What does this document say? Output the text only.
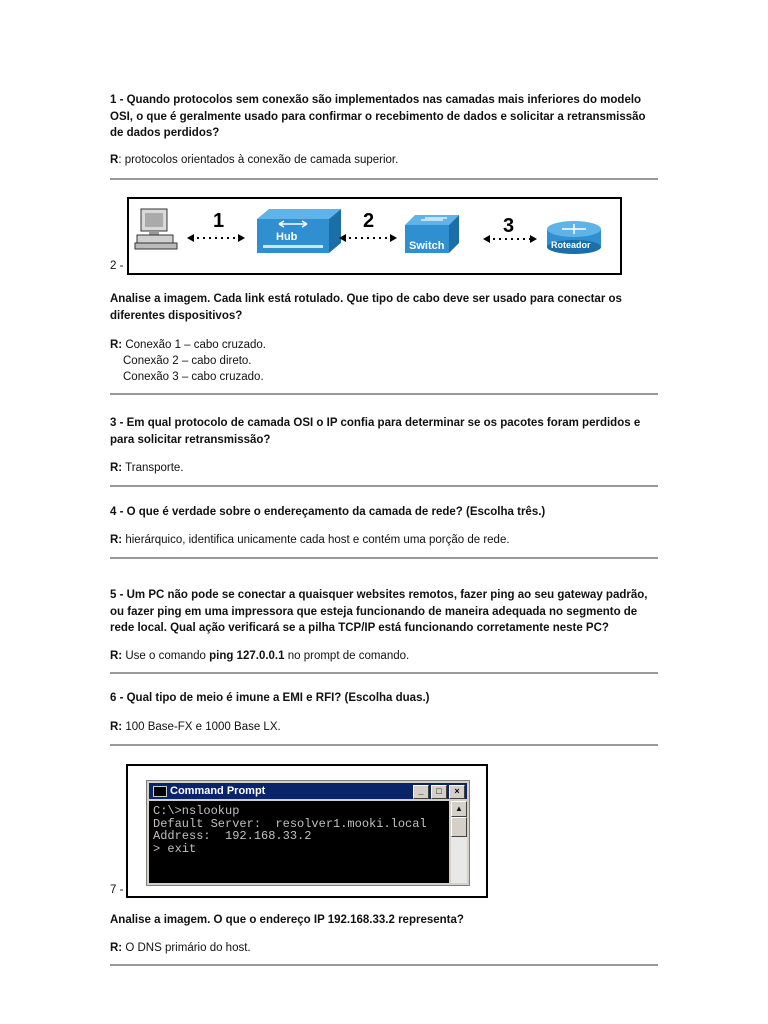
1 - Quando protocolos sem conexão são implementados nas camadas mais inferiores do modelo OSI, o que é geralmente usado para confirmar o recebimento de dados e solicitar a retransmissão de dados perdidos?
R: protocolos orientados à conexão de camada superior.
2 -
1
Hub
2
Switch
3
Roteador
Analise a imagem. Cada link está rotulado. Que tipo de cabo deve ser usado para conectar os diferentes dispositivos?
R: Conexão 1 – cabo cruzado.
Conexão 2 – cabo direto.
Conexão 3 – cabo cruzado.
3 - Em qual protocolo de camada OSI o IP confia para determinar se os pacotes foram perdidos e para solicitar retransmissão?
R: Transporte.
4 - O que é verdade sobre o endereçamento da camada de rede? (Escolha três.)
R: hierárquico, identifica unicamente cada host e contém uma porção de rede.
5 - Um PC não pode se conectar a quaisquer websites remotos, fazer ping ao seu gateway padrão, ou fazer ping em uma impressora que esteja funcionando de maneira adequada no segmento de rede local. Qual ação verificará se a pilha TCP/IP está funcionando corretamente neste PC?
R: Use o comando ping 127.0.0.1 no prompt de comando.
6 - Qual tipo de meio é imune a EMI e RFI? (Escolha duas.)
R: 100 Base-FX e 1000 Base LX.
Command Prompt	_	□	×
C:\>nslookup
Default Server:  resolver1.mooki.local
Address:  192.168.33.2
> exit
▲
7 -
Analise a imagem. O que o endereço IP 192.168.33.2 representa?
R: O DNS primário do host.
